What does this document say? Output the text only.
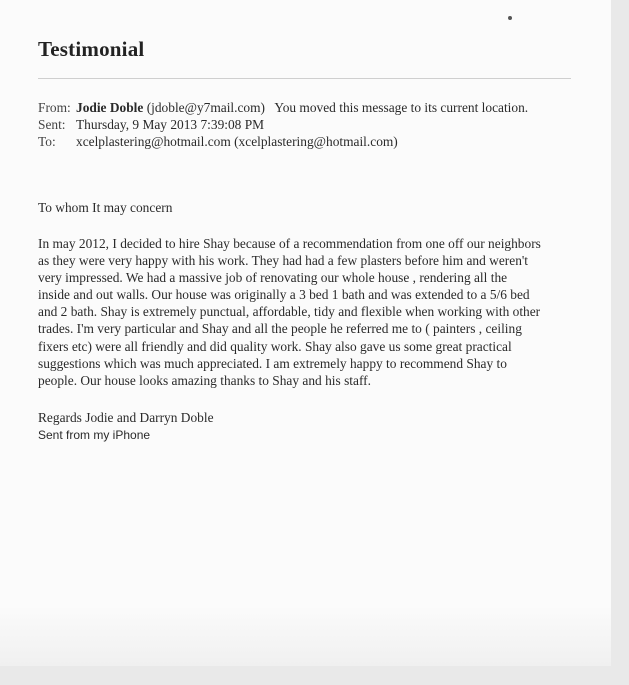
Testimonial
From: Jodie Doble (jdoble@y7mail.com) You moved this message to its current location.
Sent: Thursday, 9 May 2013 7:39:08 PM
To:	xcelplastering@hotmail.com (xcelplastering@hotmail.com)
To whom It may concern

In may 2012, I decided to hire Shay because of a recommendation from one off our neighbors

as they were very happy with his work. They had had a few plasters before him and weren't

very impressed. We had a massive job of renovating our whole house , rendering all the

inside and out walls. Our house was originally a 3 bed 1 bath and was extended to a 5/6 bed

and 2 bath. Shay is extremely punctual, affordable, tidy and flexible when working with other

trades. I'm very particular and Shay and all the people he referred me to ( painters , ceiling

fixers etc) were all friendly and did quality work. Shay also gave us some great practical

suggestions which was much appreciated. I am extremely happy to recommend Shay to

people. Our house looks amazing thanks to Shay and his staff.

Regards Jodie and Darryn Doble
Sent from my iPhone
